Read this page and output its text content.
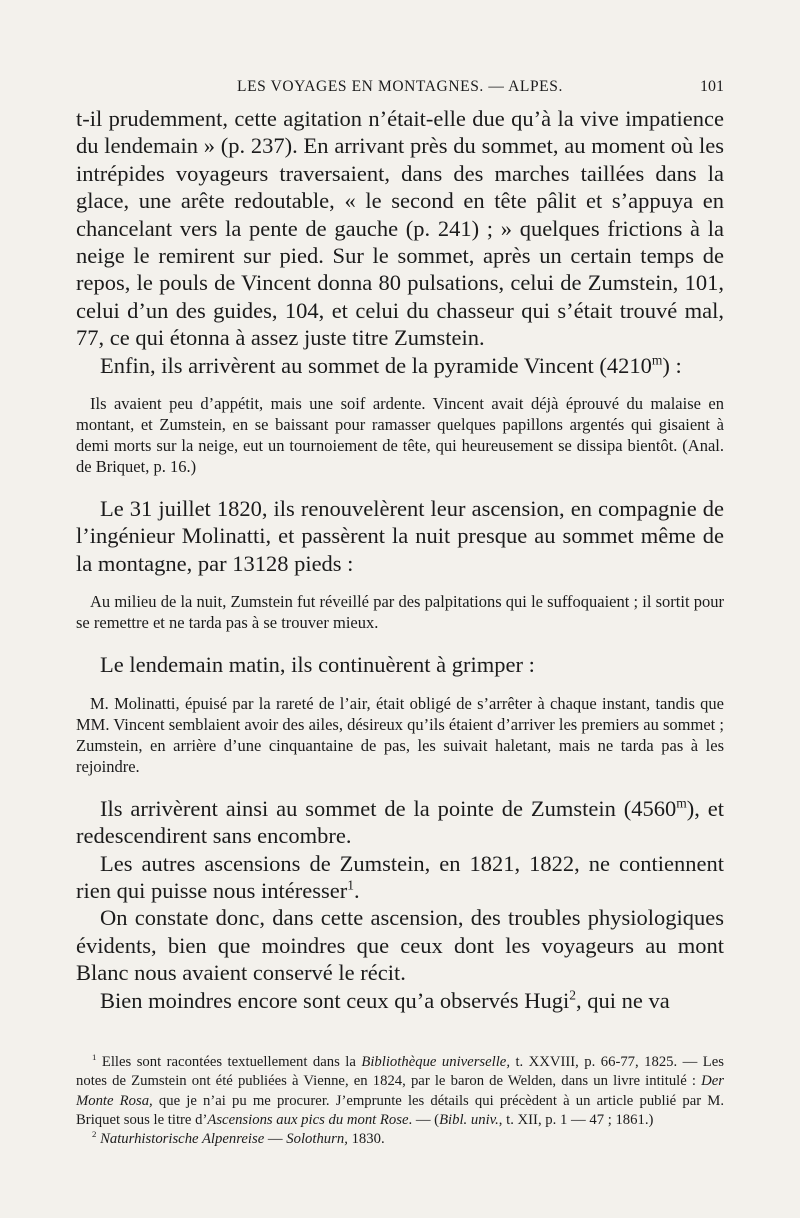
LES VOYAGES EN MONTAGNES. — ALPES.	101

t-il prudemment, cette agitation n’était-elle due qu’à la vive impatience du lendemain » (p. 237). En arrivant près du sommet, au moment où les intrépides voyageurs traversaient, dans des marches taillées dans la glace, une arête redoutable, « le second en tête pâlit et s’appuya en chancelant vers la pente de gauche (p. 241) ; » quelques frictions à la neige le remirent sur pied. Sur le sommet, après un certain temps de repos, le pouls de Vincent donna 80 pulsations, celui de Zumstein, 101, celui d’un des guides, 104, et celui du chasseur qui s’était trouvé mal, 77, ce qui étonna à assez juste titre Zumstein.

Enfin, ils arrivèrent au sommet de la pyramide Vincent (4210$^m$) :

Ils avaient peu d’appétit, mais une soif ardente. Vincent avait déjà éprouvé du malaise en montant, et Zumstein, en se baissant pour ramasser quelques papillons argentés qui gisaient à demi morts sur la neige, eut un tournoiement de tête, qui heureusement se dissipa bientôt. (Anal. de Briquet, p. 16.)

Le 31 juillet 1820, ils renouvelèrent leur ascension, en compagnie de l’ingénieur Molinatti, et passèrent la nuit presque au sommet même de la montagne, par 13128 pieds :

Au milieu de la nuit, Zumstein fut réveillé par des palpitations qui le suffoquaient ; il sortit pour se remettre et ne tarda pas à se trouver mieux.

Le lendemain matin, ils continuèrent à grimper :

M. Molinatti, épuisé par la rareté de l’air, était obligé de s’arrêter à chaque instant, tandis que MM. Vincent semblaient avoir des ailes, désireux qu’ils étaient d’arriver les premiers au sommet ; Zumstein, en arrière d’une cinquantaine de pas, les suivait haletant, mais ne tarda pas à les rejoindre.

Ils arrivèrent ainsi au sommet de la pointe de Zumstein (4560$^m$), et redescendirent sans encombre.

Les autres ascensions de Zumstein, en 1821, 1822, ne contiennent rien qui puisse nous intéresser$^1$.

On constate donc, dans cette ascension, des troubles physiologiques évidents, bien que moindres que ceux dont les voyageurs au mont Blanc nous avaient conservé le récit.

Bien moindres encore sont ceux qu’a observés Hugi$^2$, qui ne va

$^1$ Elles sont racontées textuellement dans la Bibliothèque universelle, t. XXVIII, p. 66-77, 1825. — Les notes de Zumstein ont été publiées à Vienne, en 1824, par le baron de Welden, dans un livre intitulé : Der Monte Rosa, que je n’ai pu me procurer. J’emprunte les détails qui précèdent à un article publié par M. Briquet sous le titre d’Ascensions aux pics du mont Rose. — (Bibl. univ., t. XII, p. 1 — 47 ; 1861.)

$^2$ Naturhistorische Alpenreise — Solothurn, 1830.
